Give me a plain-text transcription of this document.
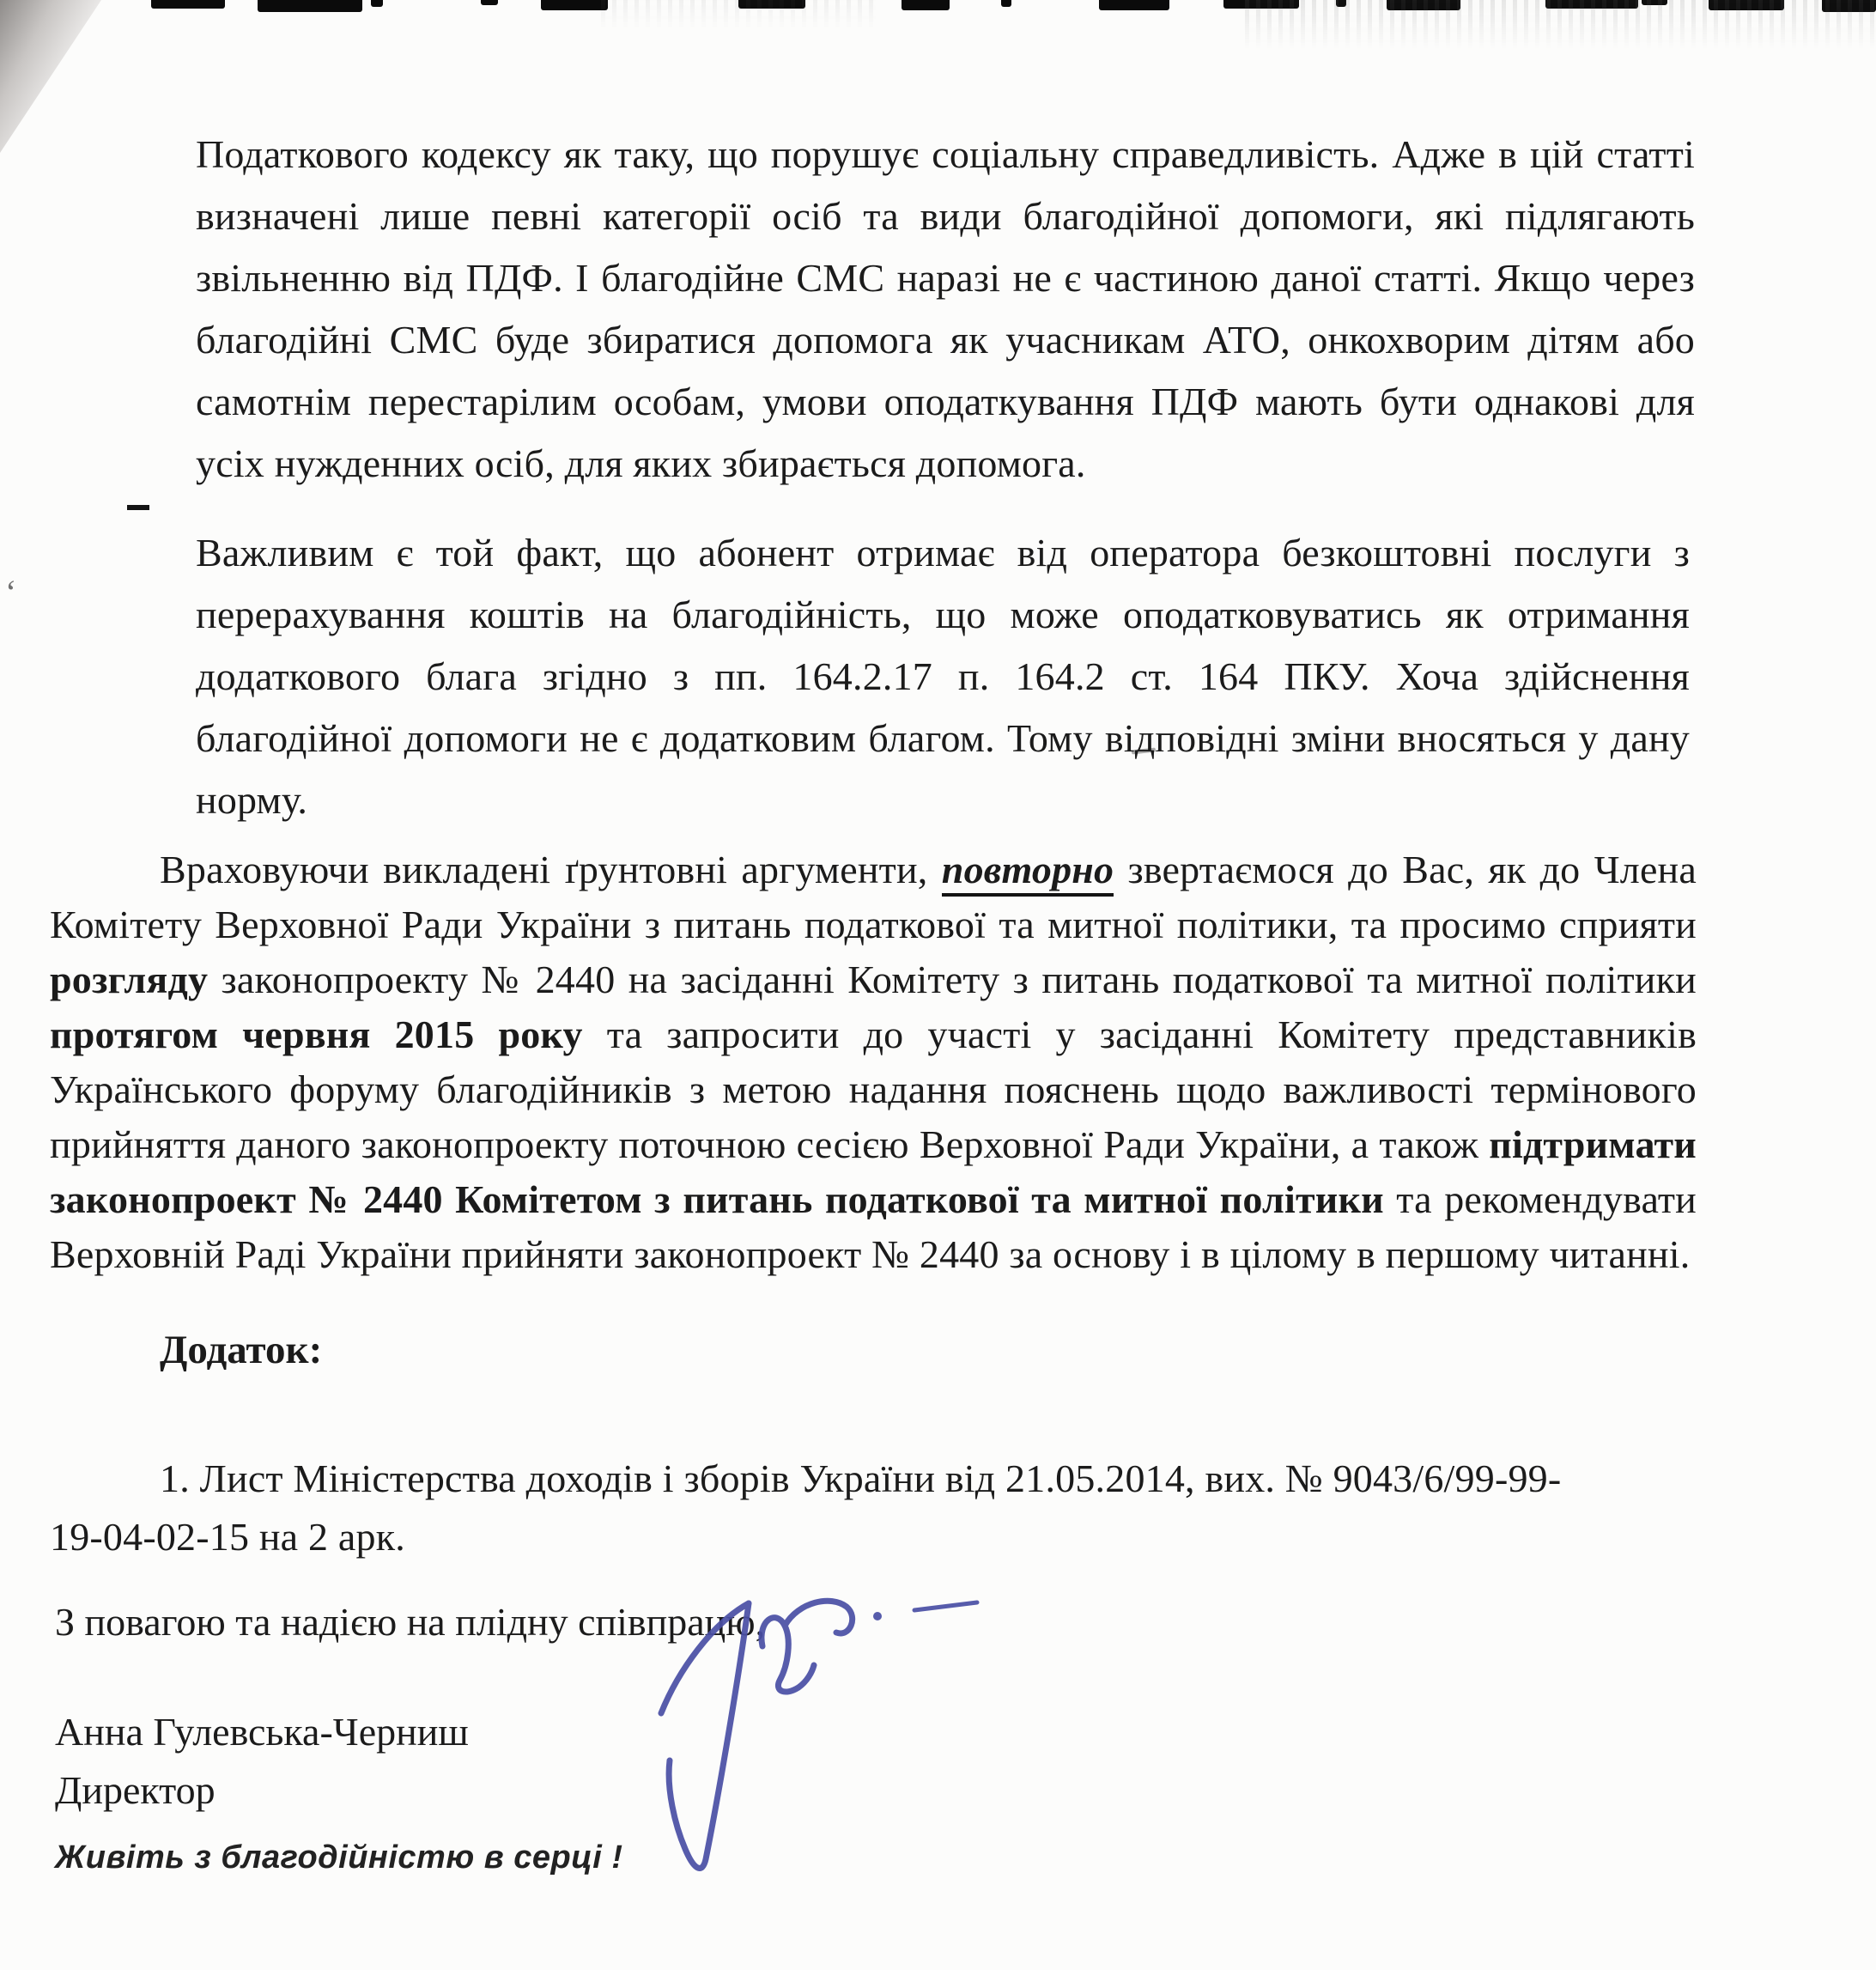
‘

Податкового кодексу як таку, що порушує соціальну справедливість. Адже в цій статті визначені лише певні категорії осіб та види благодійної допомоги, які підлягають звільненню від ПДФ. І благодійне СМС наразі не є частиною даної статті. Якщо через благодійні СМС буде збиратися допомога як учасникам АТО, онкохворим дітям або самотнім перестарілим особам, умови оподаткування ПДФ мають бути однакові для усіх нужденних осіб, для яких збирається допомога.

Важливим є той факт, що абонент отримає від оператора безкоштовні послуги з перерахування коштів на благодійність, що може оподатковуватись як отримання додаткового блага згідно з пп. 164.2.17 п. 164.2 ст. 164 ПКУ. Хоча здійснення благодійної допомоги не є додатковим благом. Тому відповідні зміни вносяться у дану норму.

Враховуючи викладені ґрунтовні аргументи, повторно звертаємося до Вас, як до Члена Комітету Верховної Ради України з питань податкової та митної політики, та просимо сприяти розгляду законопроекту № 2440 на засіданні Комітету з питань податкової та митної політики протягом червня 2015 року та запросити до участі у засіданні Комітету представників Українського форуму благодійників з метою надання пояснень щодо важливості термінового прийняття даного законопроекту поточною сесією Верховної Ради України, а також підтримати законопроект № 2440 Комітетом з питань податкової та митної політики та рекомендувати Верховній Раді України прийняти законопроект № 2440 за основу і в цілому в першому читанні.

Додаток:

1. Лист Міністерства доходів і зборів України від 21.05.2014, вих. № 9043/6/99-99-19-04-02-15 на 2 арк.

З повагою та надією на плідну співпрацю,
Анна Гулевська-Черниш
Директор
Живіть з благодійністю в серці !
